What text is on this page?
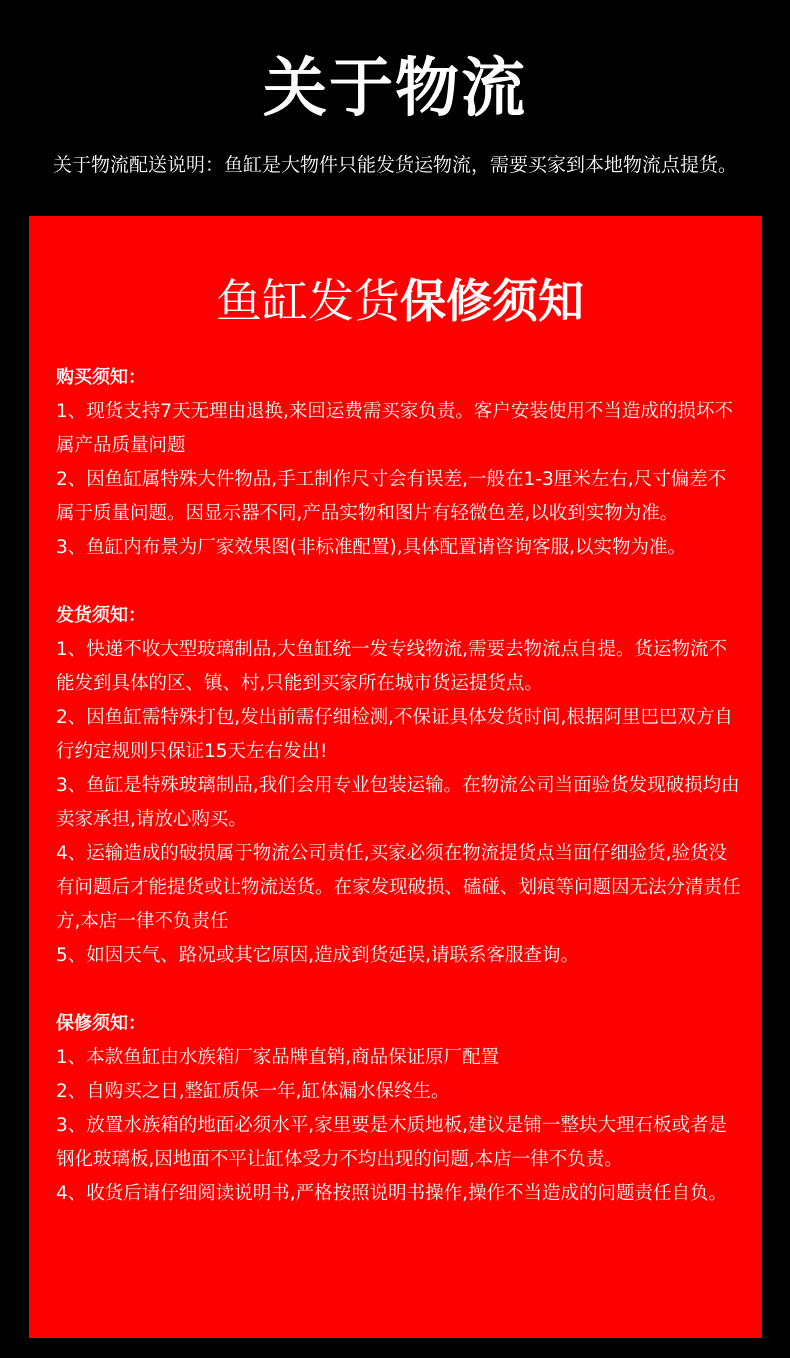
关于物流
关于物流配送说明：鱼缸是大物件只能发货运物流，需要买家到本地物流点提货。
鱼缸发货保修须知
购买须知：
1、现货支持7天无理由退换,来回运费需买家负责。客户安装使用不当造成的损坏不属产品质量问题
2、因鱼缸属特殊大件物品,手工制作尺寸会有误差,一般在1-3厘米左右,尺寸偏差不属于质量问题。因显示器不同,产品实物和图片有轻微色差,以收到实物为准。
3、鱼缸内布景为厂家效果图(非标准配置),具体配置请咨询客服,以实物为准。
发货须知：
1、快递不收大型玻璃制品,大鱼缸统一发专线物流,需要去物流点自提。货运物流不能发到具体的区、镇、村,只能到买家所在城市货运提货点。
2、因鱼缸需特殊打包,发出前需仔细检测,不保证具体发货时间,根据阿里巴巴双方自行约定规则只保证15天左右发出!
3、鱼缸是特殊玻璃制品,我们会用专业包装运输。在物流公司当面验货发现破损均由卖家承担,请放心购买。
4、运输造成的破损属于物流公司责任,买家必须在物流提货点当面仔细验货,验货没有问题后才能提货或让物流送货。在家发现破损、磕碰、划痕等问题因无法分清责任方,本店一律不负责任
5、如因天气、路况或其它原因,造成到货延误,请联系客服查询。
保修须知：
1、本款鱼缸由水族箱厂家品牌直销,商品保证原厂配置
2、自购买之日,整缸质保一年,缸体漏水保终生。
3、放置水族箱的地面必须水平,家里要是木质地板,建议是铺一整块大理石板或者是钢化玻璃板,因地面不平让缸体受力不均出现的问题,本店一律不负责。
4、收货后请仔细阅读说明书,严格按照说明书操作,操作不当造成的问题责任自负。
